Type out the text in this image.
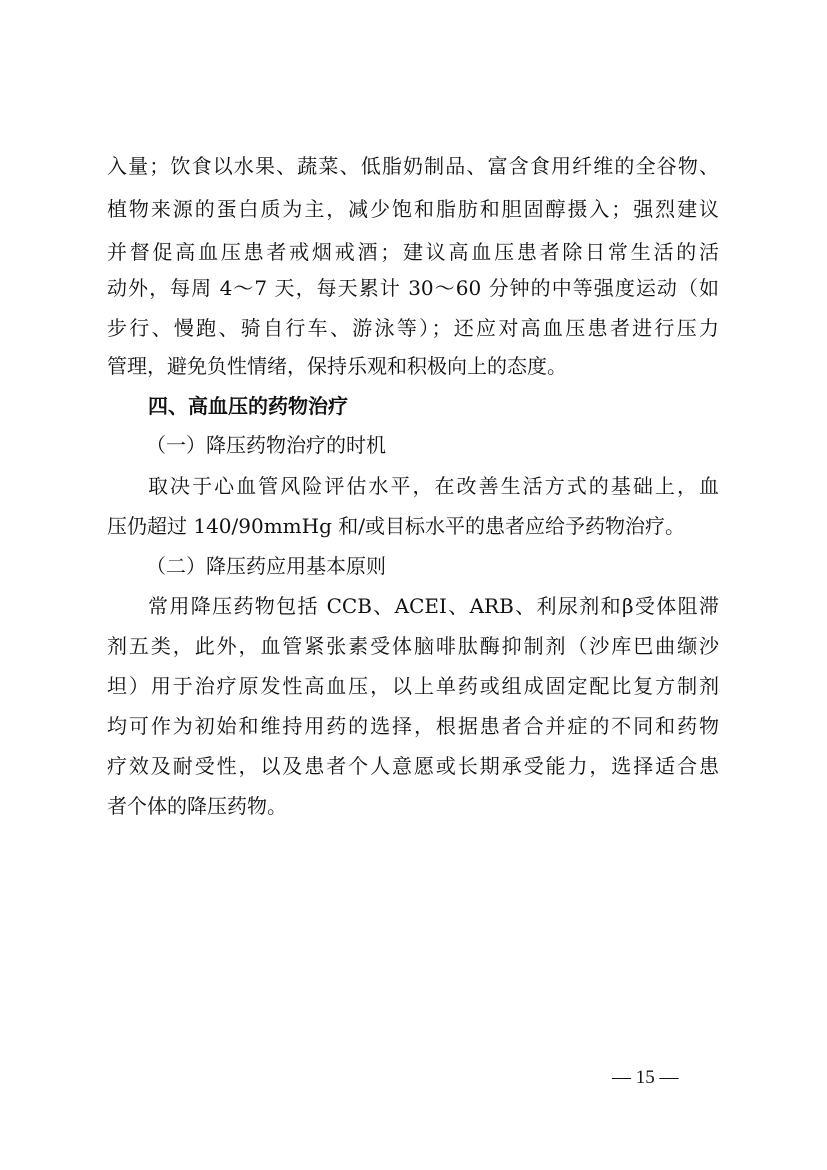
入量；饮食以水果、蔬菜、低脂奶制品、富含食用纤维的全谷物、
植物来源的蛋白质为主，减少饱和脂肪和胆固醇摄入；强烈建议
并督促高血压患者戒烟戒酒；建议高血压患者除日常生活的活
动外，每周 4～7 天，每天累计 30～60 分钟的中等强度运动（如
步行、慢跑、骑自行车、游泳等）；还应对高血压患者进行压力
管理，避免负性情绪，保持乐观和积极向上的态度。
四、高血压的药物治疗
（一）降压药物治疗的时机
取决于心血管风险评估水平，在改善生活方式的基础上，血
压仍超过 140/90mmHg 和/或目标水平的患者应给予药物治疗。
（二）降压药应用基本原则
常用降压药物包括 CCB、ACEI、ARB、利尿剂和β受体阻滞
剂五类，此外，血管紧张素受体脑啡肽酶抑制剂（沙库巴曲缬沙
坦）用于治疗原发性高血压，以上单药或组成固定配比复方制剂
均可作为初始和维持用药的选择，根据患者合并症的不同和药物
疗效及耐受性，以及患者个人意愿或长期承受能力，选择适合患
者个体的降压药物。
— 15 —
